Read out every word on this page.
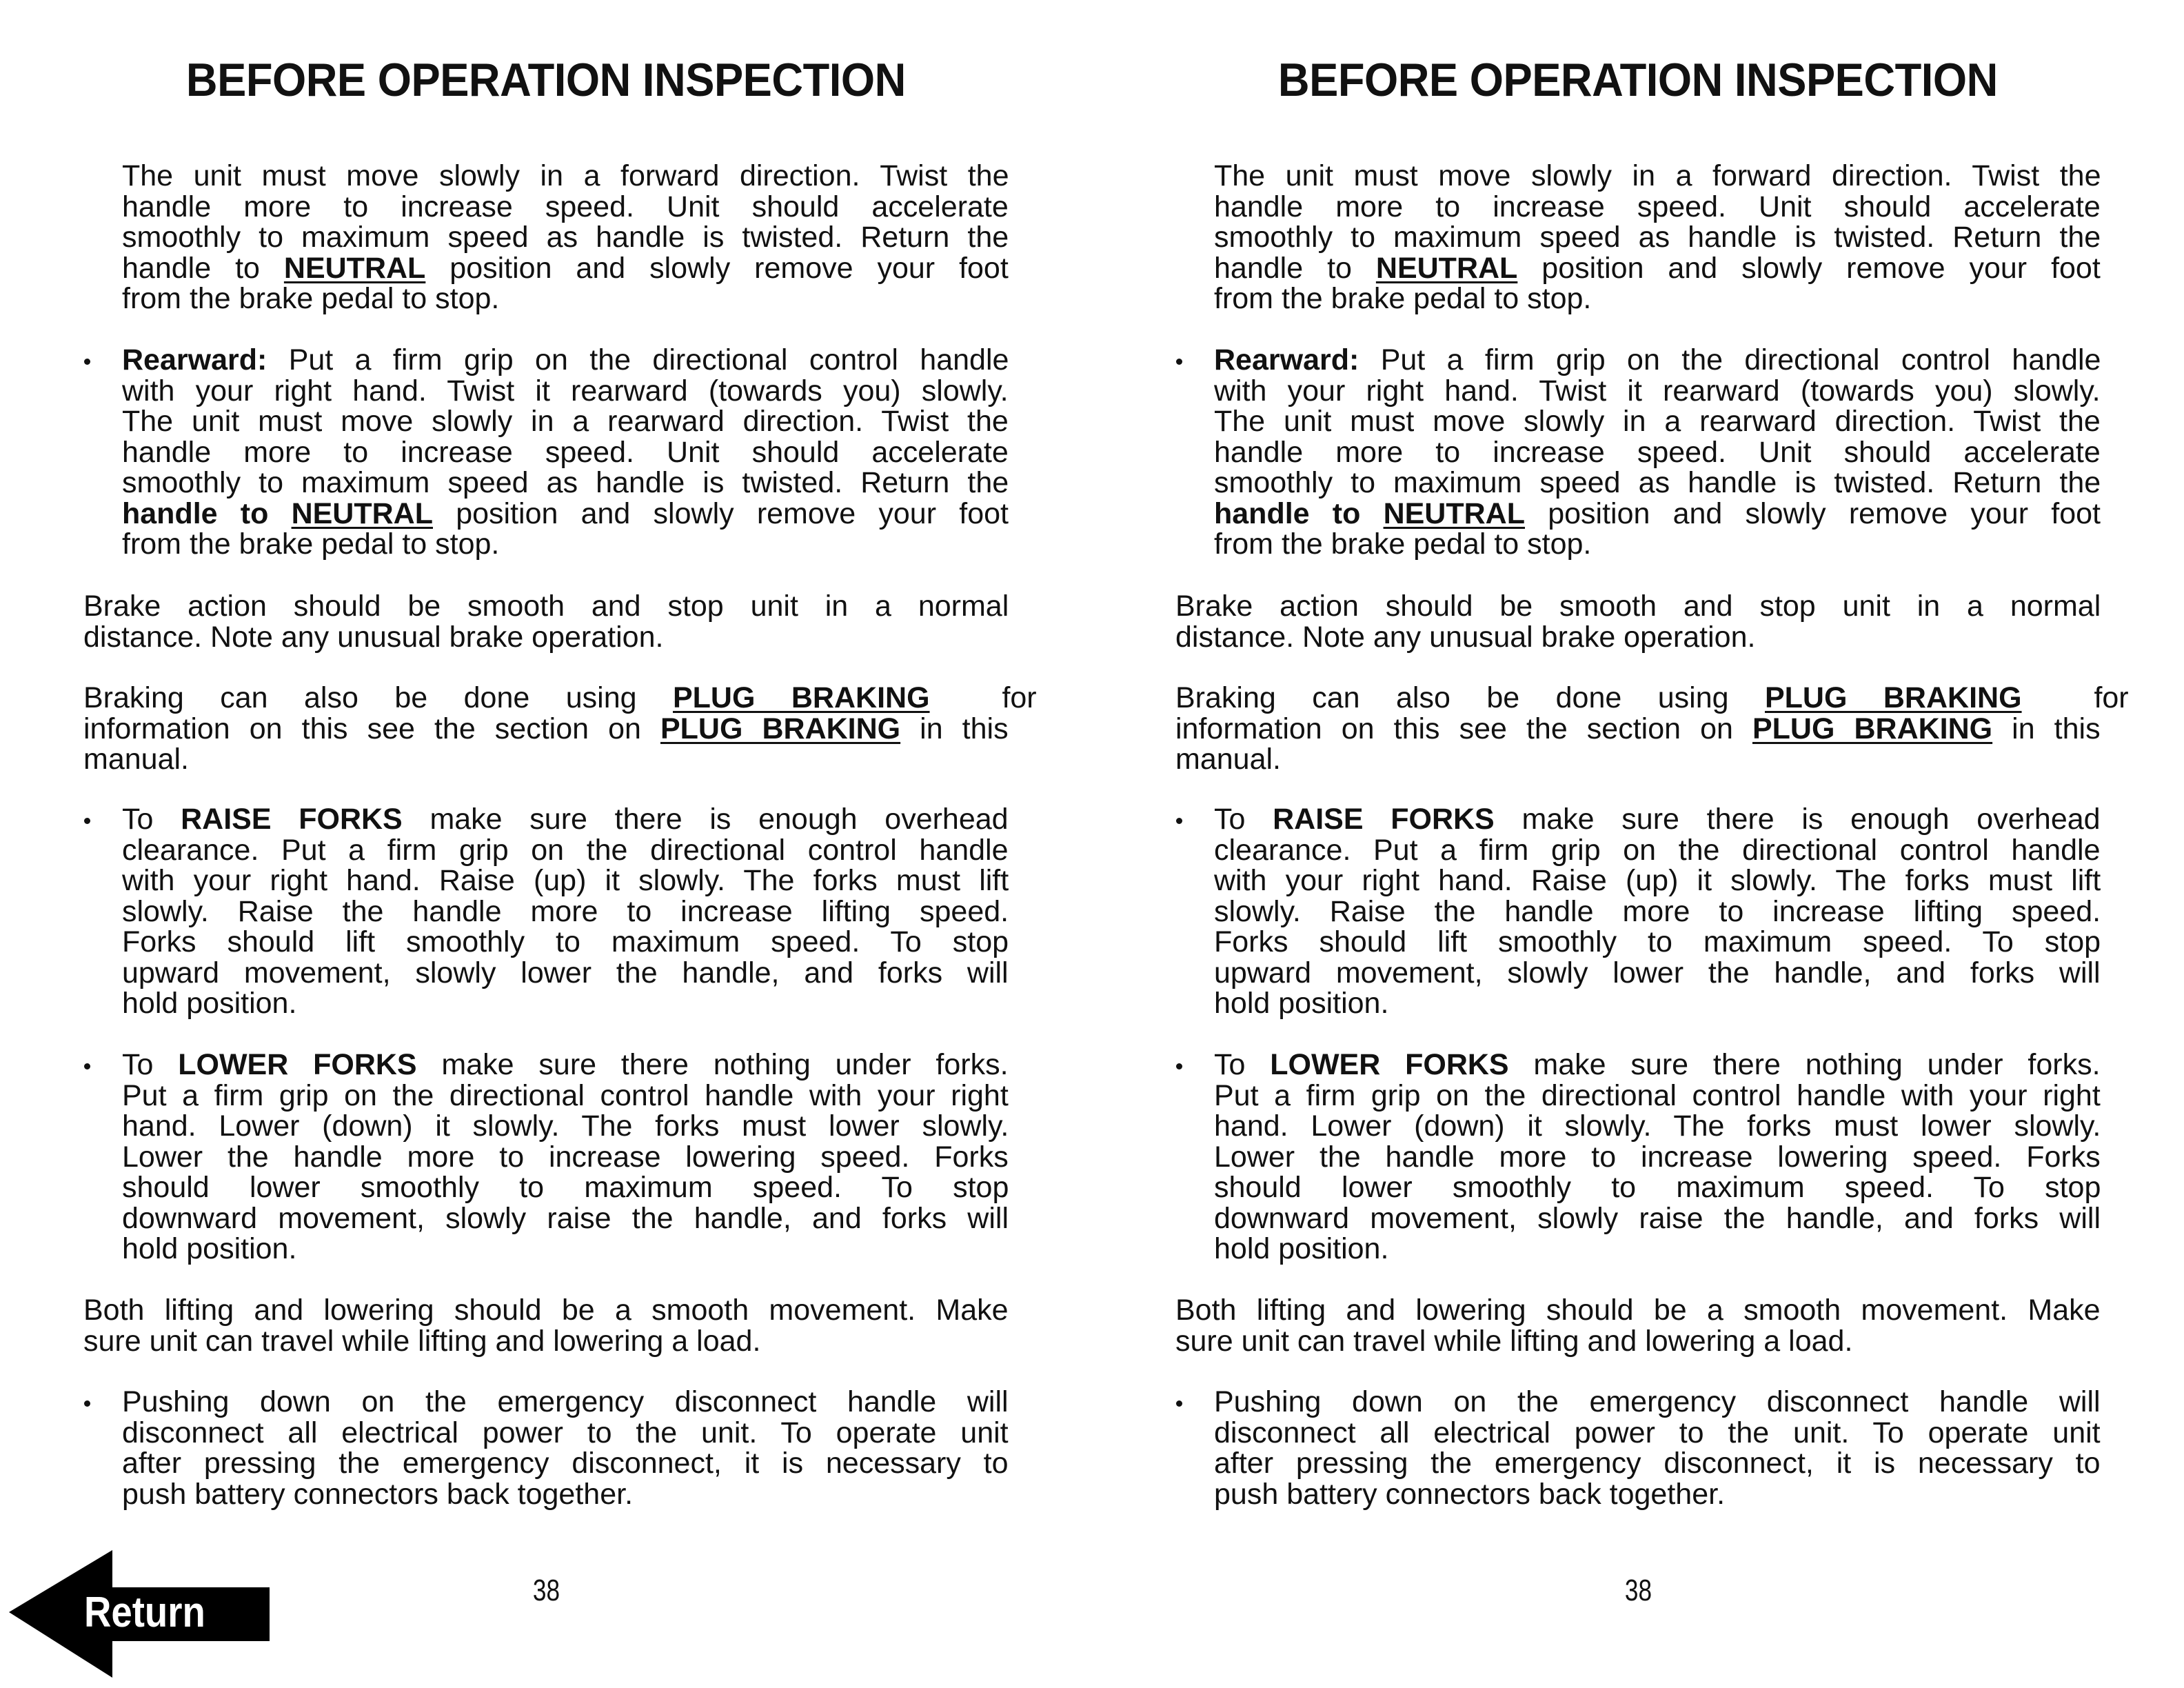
BEFORE OPERATION INSPECTION
The unit must move slowly in a forward direction. Twist the
handle more to increase speed. Unit should accelerate
smoothly to maximum speed as handle is twisted. Return the
handle to NEUTRAL position and slowly remove your foot
from the brake pedal to stop.
Rearward: Put a firm grip on the directional control handle
with your right hand. Twist it rearward (towards you) slowly.
The unit must move slowly in a rearward direction. Twist the
handle more to increase speed. Unit should accelerate
smoothly to maximum speed as handle is twisted. Return the
handle to NEUTRAL position and slowly remove your foot
from the brake pedal to stop.
Brake action should be smooth and stop unit in a normal
distance. Note any unusual brake operation.
Braking can also be done using PLUG BRAKING  for
information on this see the section on PLUG BRAKING in this
manual.
To RAISE FORKS make sure there is enough overhead
clearance. Put a firm grip on the directional control handle
with your right hand. Raise (up) it slowly. The forks must lift
slowly. Raise the handle more to increase lifting speed.
Forks should lift smoothly to maximum speed. To stop
upward movement, slowly lower the handle, and forks will
hold position.
To LOWER FORKS make sure there nothing under forks.
Put a firm grip on the directional control handle with your right
hand. Lower (down) it slowly. The forks must lower slowly.
Lower the handle more to increase lowering speed. Forks
should lower smoothly to maximum speed. To stop
downward movement, slowly raise the handle, and forks will
hold position.
Both lifting and lowering should be a smooth movement. Make
sure unit can travel while lifting and lowering a load.
Pushing down on the emergency disconnect handle will
disconnect all electrical power to the unit. To operate unit
after pressing the emergency disconnect, it is necessary to
push battery connectors back together.
38
Return
BEFORE OPERATION INSPECTION
The unit must move slowly in a forward direction. Twist the
handle more to increase speed. Unit should accelerate
smoothly to maximum speed as handle is twisted. Return the
handle to NEUTRAL position and slowly remove your foot
from the brake pedal to stop.
Rearward: Put a firm grip on the directional control handle
with your right hand. Twist it rearward (towards you) slowly.
The unit must move slowly in a rearward direction. Twist the
handle more to increase speed. Unit should accelerate
smoothly to maximum speed as handle is twisted. Return the
handle to NEUTRAL position and slowly remove your foot
from the brake pedal to stop.
Brake action should be smooth and stop unit in a normal
distance. Note any unusual brake operation.
Braking can also be done using PLUG BRAKING  for
information on this see the section on PLUG BRAKING in this
manual.
To RAISE FORKS make sure there is enough overhead
clearance. Put a firm grip on the directional control handle
with your right hand. Raise (up) it slowly. The forks must lift
slowly. Raise the handle more to increase lifting speed.
Forks should lift smoothly to maximum speed. To stop
upward movement, slowly lower the handle, and forks will
hold position.
To LOWER FORKS make sure there nothing under forks.
Put a firm grip on the directional control handle with your right
hand. Lower (down) it slowly. The forks must lower slowly.
Lower the handle more to increase lowering speed. Forks
should lower smoothly to maximum speed. To stop
downward movement, slowly raise the handle, and forks will
hold position.
Both lifting and lowering should be a smooth movement. Make
sure unit can travel while lifting and lowering a load.
Pushing down on the emergency disconnect handle will
disconnect all electrical power to the unit. To operate unit
after pressing the emergency disconnect, it is necessary to
push battery connectors back together.
38
